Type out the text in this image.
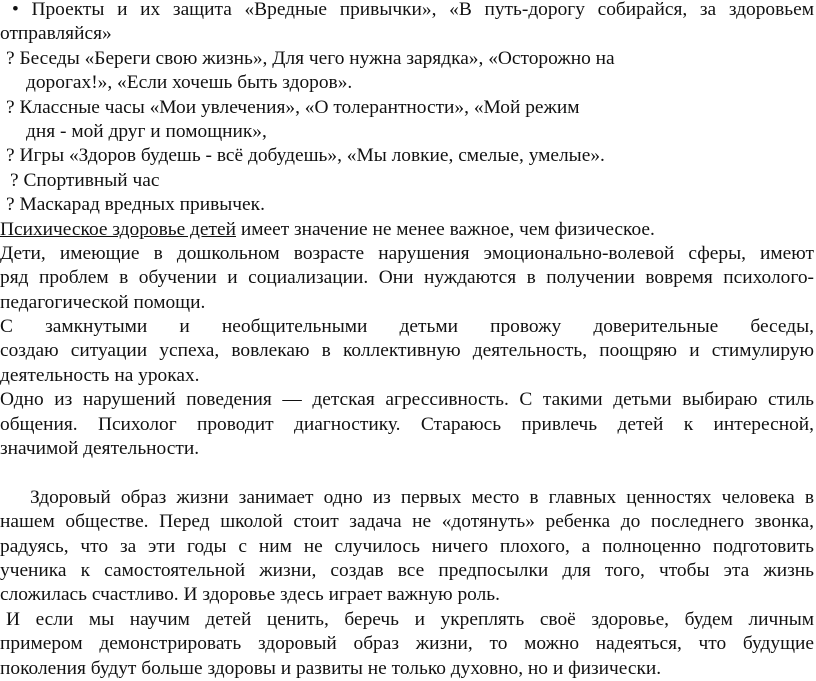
• Проекты и их защита «Вредные привычки», «В путь-дорогу собирайся, за здоровьем
отправляйся»
? Беседы «Береги свою жизнь», Для чего нужна зарядка», «Осторожно на
дорогах!», «Если хочешь быть здоров».
? Классные часы «Мои увлечения», «О толерантности», «Мой режим
дня - мой друг и помощник»,
? Игры «Здоров будешь - всё добудешь», «Мы ловкие, смелые, умелые».
? Спортивный час
? Маскарад вредных привычек.
Психическое здоровье детей имеет значение не менее важное, чем физическое.
Дети, имеющие в дошкольном возрасте нарушения эмоционально-волевой сферы, имеют
ряд проблем в обучении и социализации. Они нуждаются в получении вовремя психолого-
педагогической помощи.
С замкнутыми и необщительными детьми провожу доверительные беседы,
создаю ситуации успеха, вовлекаю в коллективную деятельность, поощряю и стимулирую
деятельность на уроках.
Одно из нарушений поведения — детская агрессивность. С такими детьми выбираю стиль
общения. Психолог проводит диагностику. Стараюсь привлечь детей к интересной,
значимой деятельности.
Здоровый образ жизни занимает одно из первых место в главных ценностях человека в
нашем обществе. Перед школой стоит задача не «дотянуть» ребенка до последнего звонка,
радуясь, что за эти годы с ним не случилось ничего плохого, а полноценно подготовить
ученика к самостоятельной жизни, создав все предпосылки для того, чтобы эта жизнь
сложилась счастливо. И здоровье здесь играет важную роль.
И если мы научим детей ценить, беречь и укреплять своё здоровье, будем личным
примером демонстрировать здоровый образ жизни, то можно надеяться, что будущие
поколения будут больше здоровы и развиты не только духовно, но и физически.
